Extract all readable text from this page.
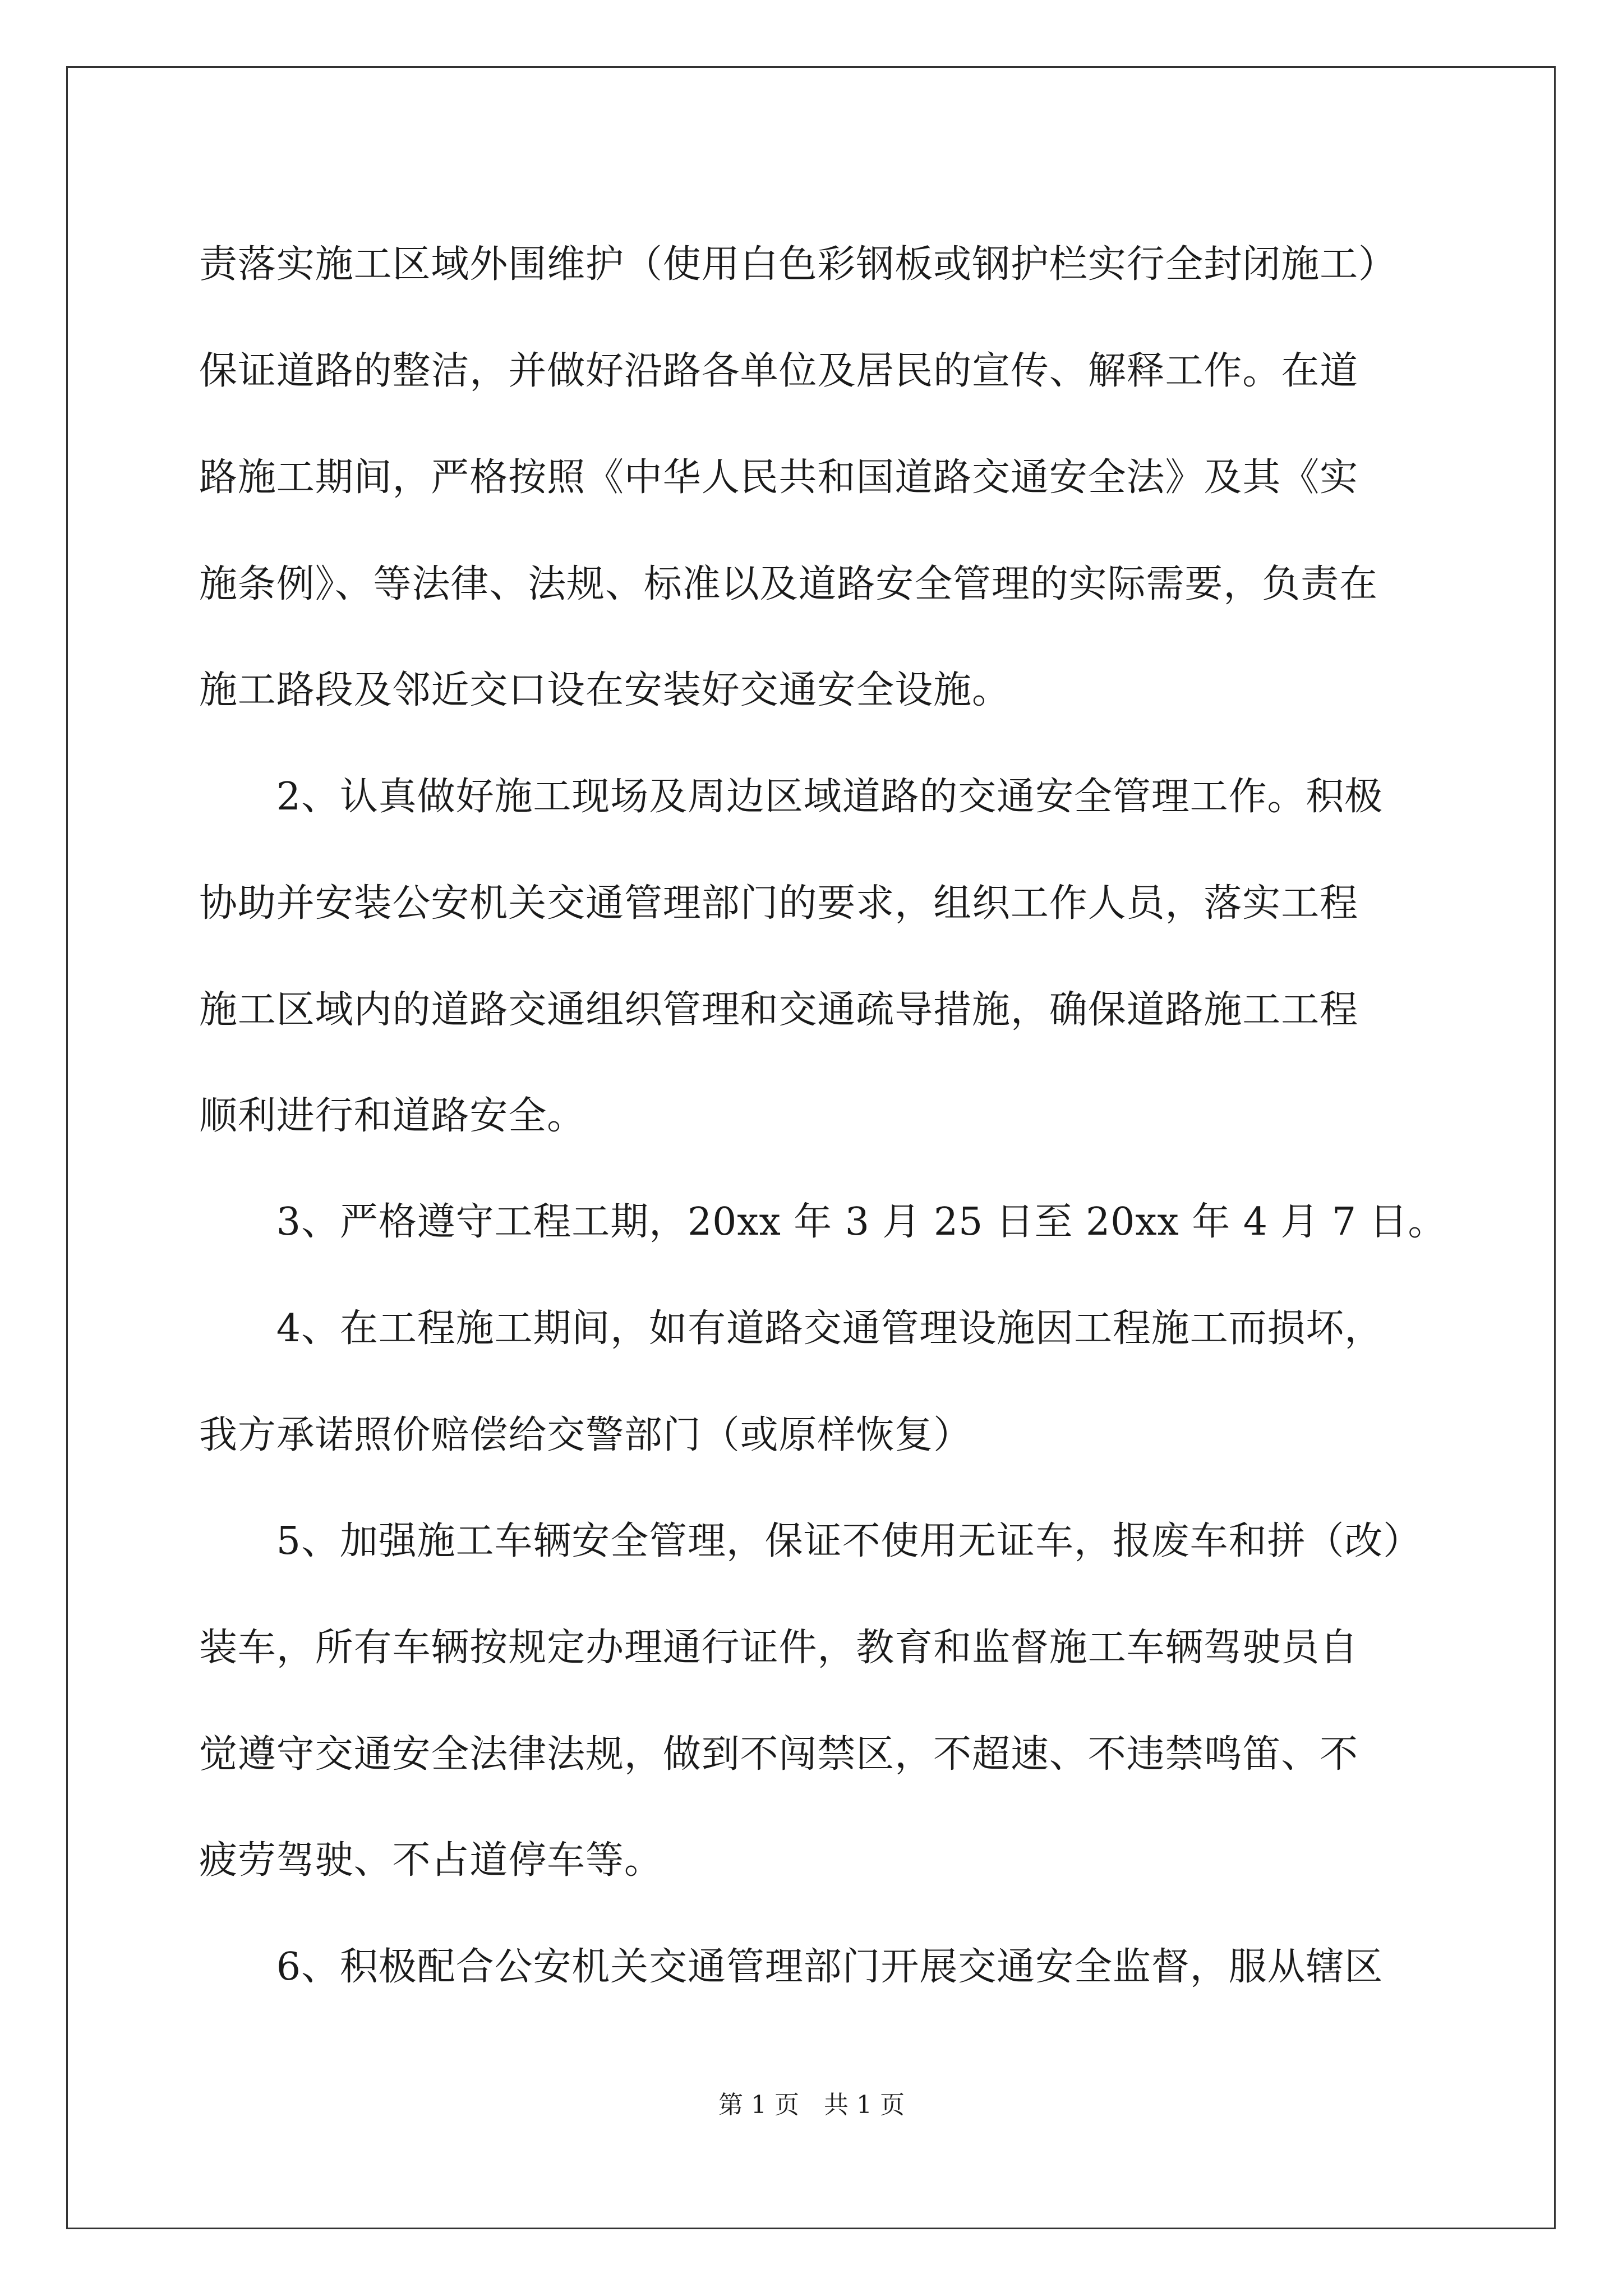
责落实施工区域外围维护（使用白色彩钢板或钢护栏实行全封闭施工）
保证道路的整洁，并做好沿路各单位及居民的宣传、解释工作。在道
路施工期间，严格按照《中华人民共和国道路交通安全法》及其《实
施条例》、等法律、法规、标准以及道路安全管理的实际需要，负责在
施工路段及邻近交口设在安装好交通安全设施。
　　2、认真做好施工现场及周边区域道路的交通安全管理工作。积极
协助并安装公安机关交通管理部门的要求，组织工作人员，落实工程
施工区域内的道路交通组织管理和交通疏导措施，确保道路施工工程
顺利进行和道路安全。
　　3、严格遵守工程工期，20xx 年 3 月 25 日至 20xx 年 4 月 7 日。
　　4、在工程施工期间，如有道路交通管理设施因工程施工而损坏，
我方承诺照价赔偿给交警部门（或原样恢复）
　　5、加强施工车辆安全管理，保证不使用无证车，报废车和拼（改）
装车，所有车辆按规定办理通行证件，教育和监督施工车辆驾驶员自
觉遵守交通安全法律法规，做到不闯禁区，不超速、不违禁鸣笛、不
疲劳驾驶、不占道停车等。
　　6、积极配合公安机关交通管理部门开展交通安全监督，服从辖区
第 1 页　共 1 页
